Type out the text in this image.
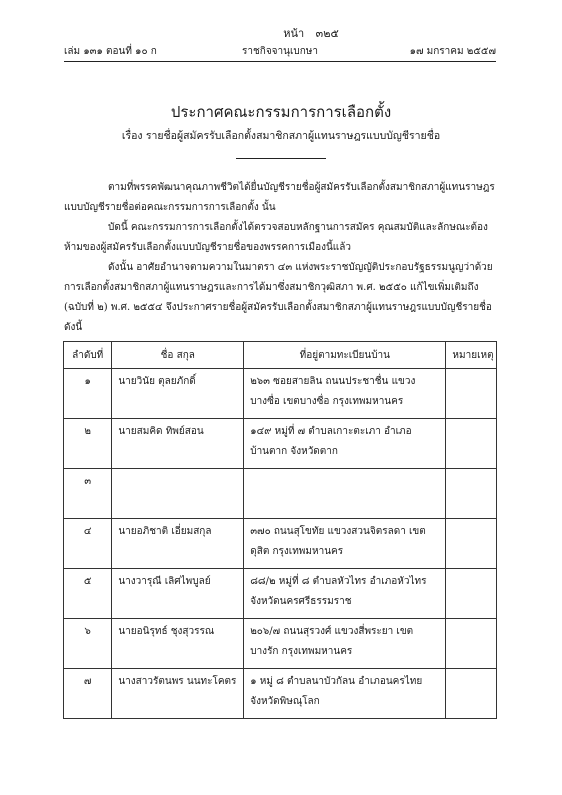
หน้า ๓๒๕
เล่ม ๑๓๑ ตอนที่ ๑๐ ก	ราชกิจจานุเบกษา	๑๗ มกราคม ๒๕๕๗
ประกาศคณะกรรมการการเลือกตั้ง
เรื่อง รายชื่อผู้สมัครรับเลือกตั้งสมาชิกสภาผู้แทนราษฎรแบบบัญชีรายชื่อ
ตามที่พรรคพัฒนาคุณภาพชีวิตได้ยื่นบัญชีรายชื่อผู้สมัครรับเลือกตั้งสมาชิกสภาผู้แทนราษฎรแบบบัญชีรายชื่อต่อคณะกรรมการการเลือกตั้ง นั้น
บัดนี้ คณะกรรมการการเลือกตั้งได้ตรวจสอบหลักฐานการสมัคร คุณสมบัติและลักษณะต้องห้ามของผู้สมัครรับเลือกตั้งแบบบัญชีรายชื่อของพรรคการเมืองนี้แล้ว
ดังนั้น อาศัยอำนาจตามความในมาตรา ๔๓ แห่งพระราชบัญญัติประกอบรัฐธรรมนูญว่าด้วยการเลือกตั้งสมาชิกสภาผู้แทนราษฎรและการได้มาซึ่งสมาชิกวุฒิสภา พ.ศ. ๒๕๕๐ แก้ไขเพิ่มเติมถึง (ฉบับที่ ๒) พ.ศ. ๒๕๕๔ จึงประกาศรายชื่อผู้สมัครรับเลือกตั้งสมาชิกสภาผู้แทนราษฎรแบบบัญชีรายชื่อดังนี้
ลำดับที่	ชื่อ สกุล	ที่อยู่ตามทะเบียนบ้าน	หมายเหตุ
๑	นายวินัย ตุลยภักดิ์	๒๖๓ ซอยสายลิน ถนนประชาชื่น แขวงบางซื่อ เขตบางซื่อ กรุงเทพมหานคร	
๒	นายสมคิด ทิพย์สอน	๑๔๙ หมู่ที่ ๗ ตำบลเกาะตะเภา อำเภอบ้านตาก จังหวัดตาก	
๓			
๔	นายอภิชาติ เอี่ยมสกุล	๓๗๐ ถนนสุโขทัย แขวงสวนจิตรลดา เขตดุสิต กรุงเทพมหานคร	
๕	นางวารุณี เลิศไพบูลย์	๘๘/๒ หมู่ที่ ๘ ตำบลหัวไทร อำเภอหัวไทร จังหวัดนครศรีธรรมราช	
๖	นายอนิรุทธ์ ชุงสุวรรณ	๒๐๖/๗ ถนนสุรวงศ์ แขวงสี่พระยา เขตบางรัก กรุงเทพมหานคร	
๗	นางสาวรัตนพร นนทะโคตร	๑ หมู่ ๘ ตำบลนาบัวกัลน อำเภอนครไทย จังหวัดพิษณุโลก	
